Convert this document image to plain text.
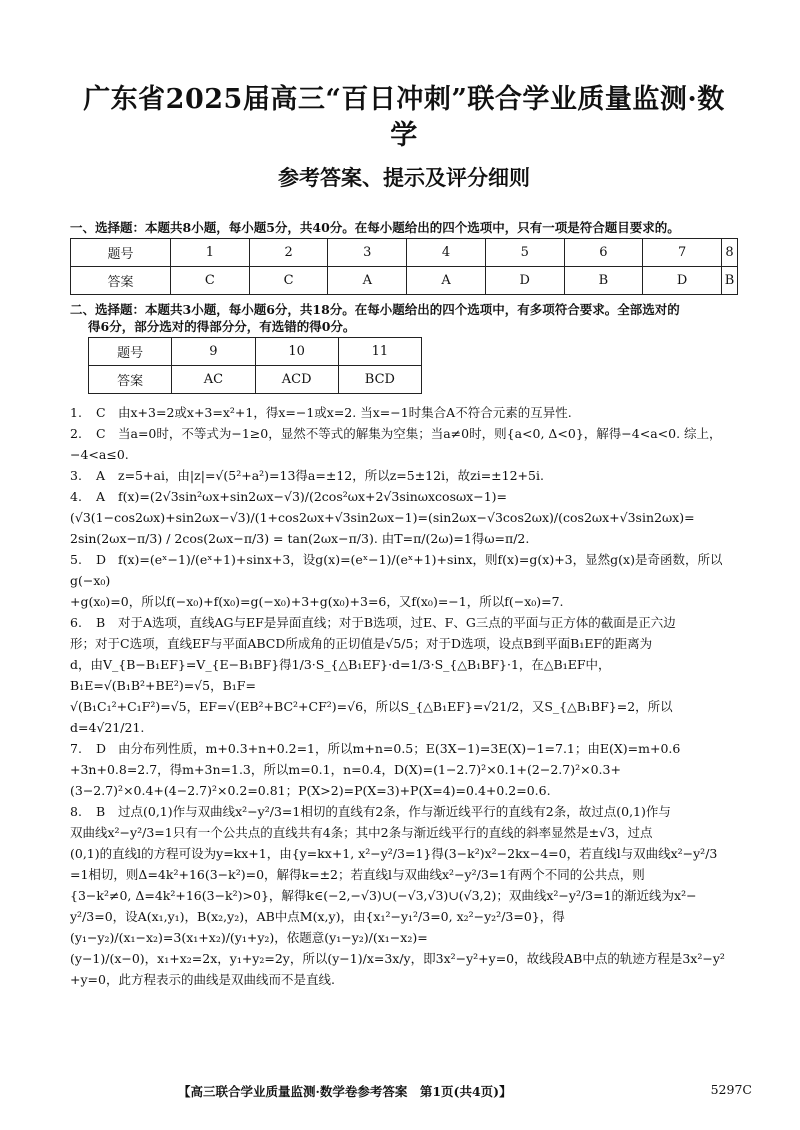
广东省2025届高三“百日冲刺”联合学业质量监测·数学
参考答案、提示及评分细则

一、选择题：本题共8小题，每小题5分，共40分。在每小题给出的四个选项中，只有一项是符合题目要求的。

题号	1	2	3	4	5	6	7	8
答案	C	C	A	A	D	B	D	B

二、选择题：本题共3小题，每小题6分，共18分。在每小题给出的四个选项中，有多项符合要求。全部选对的

得6分，部分选对的得部分分，有选错的得0分。

题号	9	10	11
答案	AC	ACD	BCD

1. C 由x+3=2或x+3=x²+1，得x=−1或x=2. 当x=−1时集合A不符合元素的互异性.

2. C 当a=0时，不等式为−1≥0，显然不等式的解集为空集；当a≠0时，则{a<0, Δ<0}，解得−4<a<0. 综上，

−4<a≤0.

3. A z=5+ai，由|z|=√(5²+a²)=13得a=±12，所以z=5±12i，故zi=±12+5i.

4. A f(x)=(2√3sin²ωx+sin2ωx−√3)/(2cos²ωx+2√3sinωxcosωx−1)=(√3(1−cos2ωx)+sin2ωx−√3)/(1+cos2ωx+√3sin2ωx−1)=(sin2ωx−√3cos2ωx)/(cos2ωx+√3sin2ωx)=

2sin(2ωx−π/3) / 2cos(2ωx−π/3) = tan(2ωx−π/3). 由T=π/(2ω)=1得ω=π/2.

5. D f(x)=(eˣ−1)/(eˣ+1)+sinx+3，设g(x)=(eˣ−1)/(eˣ+1)+sinx，则f(x)=g(x)+3，显然g(x)是奇函数，所以g(−x₀)

+g(x₀)=0，所以f(−x₀)+f(x₀)=g(−x₀)+3+g(x₀)+3=6，又f(x₀)=−1，所以f(−x₀)=7.

6. B 对于A选项，直线AG与EF是异面直线；对于B选项，过E、F、G三点的平面与正方体的截面是正六边

形；对于C选项，直线EF与平面ABCD所成角的正切值是√5/5；对于D选项，设点B到平面B₁EF的距离为

d，由V_{B−B₁EF}=V_{E−B₁BF}得1/3·S_{△B₁EF}·d=1/3·S_{△B₁BF}·1，在△B₁EF中，B₁E=√(B₁B²+BE²)=√5，B₁F=

√(B₁C₁²+C₁F²)=√5，EF=√(EB²+BC²+CF²)=√6，所以S_{△B₁EF}=√21/2，又S_{△B₁BF}=2，所以d=4√21/21.

7. D 由分布列性质，m+0.3+n+0.2=1，所以m+n=0.5；E(3X−1)=3E(X)−1=7.1；由E(X)=m+0.6

+3n+0.8=2.7，得m+3n=1.3，所以m=0.1，n=0.4，D(X)=(1−2.7)²×0.1+(2−2.7)²×0.3+

(3−2.7)²×0.4+(4−2.7)²×0.2=0.81；P(X>2)=P(X=3)+P(X=4)=0.4+0.2=0.6.

8. B 过点(0,1)作与双曲线x²−y²/3=1相切的直线有2条，作与渐近线平行的直线有2条，故过点(0,1)作与

双曲线x²−y²/3=1只有一个公共点的直线共有4条；其中2条与渐近线平行的直线的斜率显然是±√3，过点

(0,1)的直线l的方程可设为y=kx+1，由{y=kx+1, x²−y²/3=1}得(3−k²)x²−2kx−4=0，若直线l与双曲线x²−y²/3

=1相切，则Δ=4k²+16(3−k²)=0，解得k=±2；若直线l与双曲线x²−y²/3=1有两个不同的公共点，则

{3−k²≠0, Δ=4k²+16(3−k²)>0}，解得k∈(−2,−√3)∪(−√3,√3)∪(√3,2)；双曲线x²−y²/3=1的渐近线为x²−

y²/3=0，设A(x₁,y₁)，B(x₂,y₂)，AB中点M(x,y)，由{x₁²−y₁²/3=0, x₂²−y₂²/3=0}，得(y₁−y₂)/(x₁−x₂)=3(x₁+x₂)/(y₁+y₂)，依题意(y₁−y₂)/(x₁−x₂)=

(y−1)/(x−0)，x₁+x₂=2x，y₁+y₂=2y，所以(y−1)/x=3x/y，即3x²−y²+y=0，故线段AB中点的轨迹方程是3x²−y²

+y=0，此方程表示的曲线是双曲线而不是直线.

【高三联合学业质量监测·数学卷参考答案　第1页(共4页)】	5297C
